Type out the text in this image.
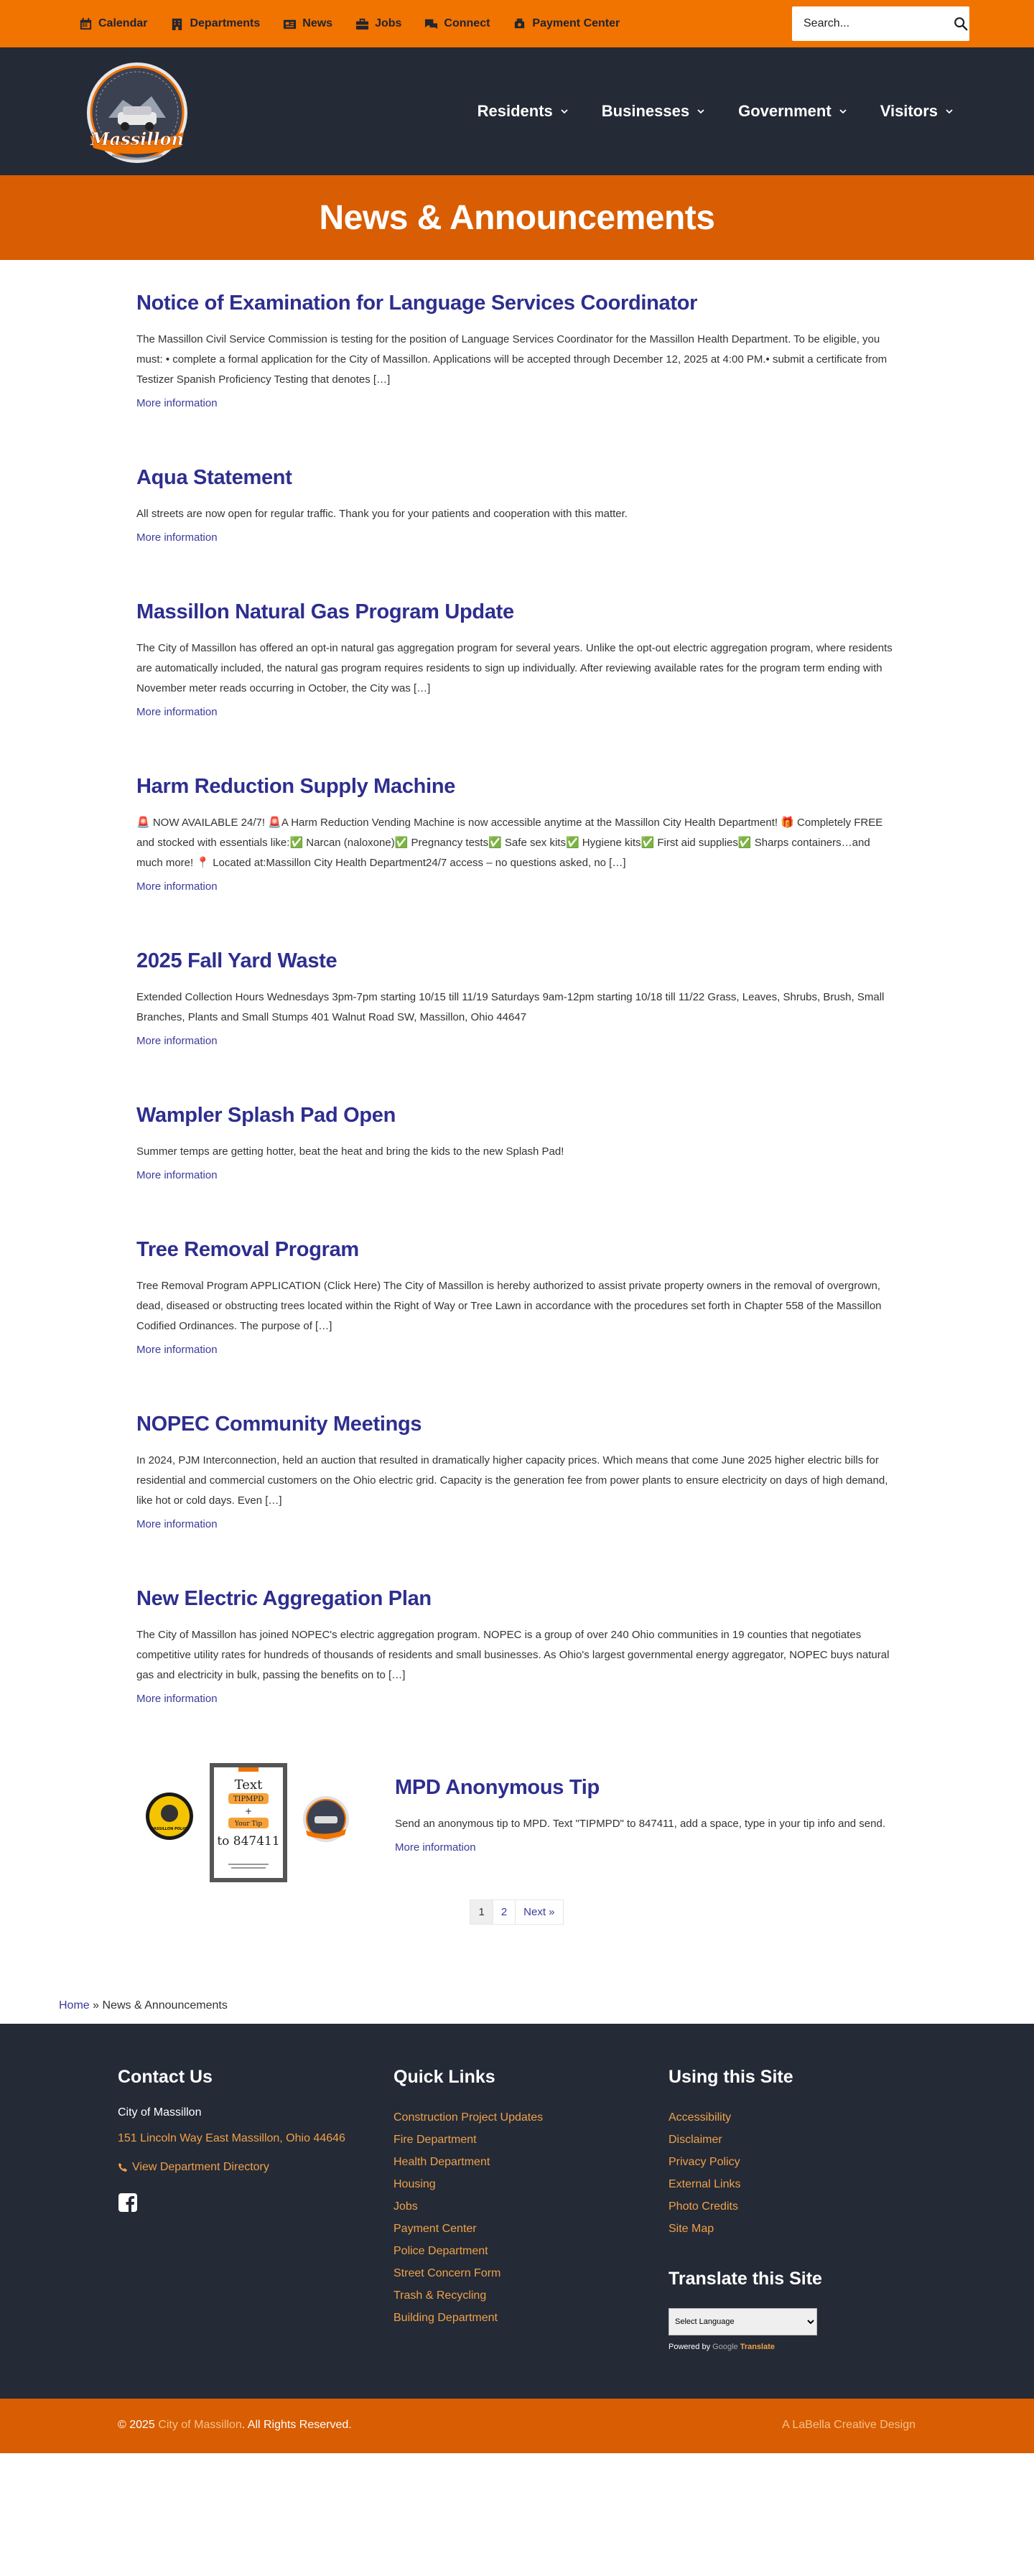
Calendar	Departments	News	Jobs	Connect	Payment Center
Search...
Massillon
Residents	Businesses	Government	Visitors
News & Announcements
Notice of Examination for Language Services Coordinator

The Massillon Civil Service Commission is testing for the position of Language Services Coordinator for the Massillon Health Department. To be eligible, you must: • complete a formal application for the City of Massillon. Applications will be accepted through December 12, 2025 at 4:00 PM.• submit a certificate from Testizer Spanish Proficiency Testing that denotes […]

More information
Aqua Statement

All streets are now open for regular traffic. Thank you for your patients and cooperation with this matter.

More information
Massillon Natural Gas Program Update

The City of Massillon has offered an opt-in natural gas aggregation program for several years. Unlike the opt-out electric aggregation program, where residents are automatically included, the natural gas program requires residents to sign up individually. After reviewing available rates for the program term ending with November meter reads occurring in October, the City was […]

More information
Harm Reduction Supply Machine

🚨 NOW AVAILABLE 24/7! 🚨A Harm Reduction Vending Machine is now accessible anytime at the Massillon City Health Department! 🎁 Completely FREE and stocked with essentials like:✅ Narcan (naloxone)✅ Pregnancy tests✅ Safe sex kits✅ Hygiene kits✅ First aid supplies✅ Sharps containers…and much more! 📍 Located at:Massillon City Health Department24/7 access – no questions asked, no […]

More information
2025 Fall Yard Waste

Extended Collection Hours Wednesdays 3pm-7pm starting 10/15 till 11/19 Saturdays 9am-12pm starting 10/18 till 11/22 Grass, Leaves, Shrubs, Brush, Small Branches, Plants and Small Stumps 401 Walnut Road SW, Massillon, Ohio 44647

More information
Wampler Splash Pad Open

Summer temps are getting hotter, beat the heat and bring the kids to the new Splash Pad!

More information
Tree Removal Program

Tree Removal Program APPLICATION (Click Here) The City of Massillon is hereby authorized to assist private property owners in the removal of overgrown, dead, diseased or obstructing trees located within the Right of Way or Tree Lawn in accordance with the procedures set forth in Chapter 558 of the Massillon Codified Ordinances. The purpose of […]

More information
NOPEC Community Meetings

In 2024, PJM Interconnection, held an auction that resulted in dramatically higher capacity prices. Which means that come June 2025 higher electric bills for residential and commercial customers on the Ohio electric grid. Capacity is the generation fee from power plants to ensure electricity on days of high demand, like hot or cold days. Even […]

More information
New Electric Aggregation Plan

The City of Massillon has joined NOPEC's electric aggregation program. NOPEC is a group of over 240 Ohio communities in 19 counties that negotiates competitive utility rates for hundreds of thousands of residents and small businesses. As Ohio's largest governmental energy aggregator, NOPEC buys natural gas and electricity in bulk, passing the benefits on to […]

More information
MASSILLON POLICE
Text
TIPMPD
+
Your Tip
to 847411
MPD Anonymous Tip

Send an anonymous tip to MPD. Text "TIPMPD" to 847411, add a space, type in your tip info and send.

More information
1	2	Next »
Home » News & Announcements
Contact Us
City of Massillon
151 Lincoln Way East Massillon, Ohio 44646
View Department Directory
Quick Links
Construction Project Updates
Fire Department
Health Department
Housing
Jobs
Payment Center
Police Department
Street Concern Form
Trash & Recycling
Building Department
Using this Site
Accessibility
Disclaimer
Privacy Policy
External Links
Photo Credits
Site Map
Translate this Site
Select Language
Powered by Google Translate
© 2025 City of Massillon. All Rights Reserved.	A LaBella Creative Design
